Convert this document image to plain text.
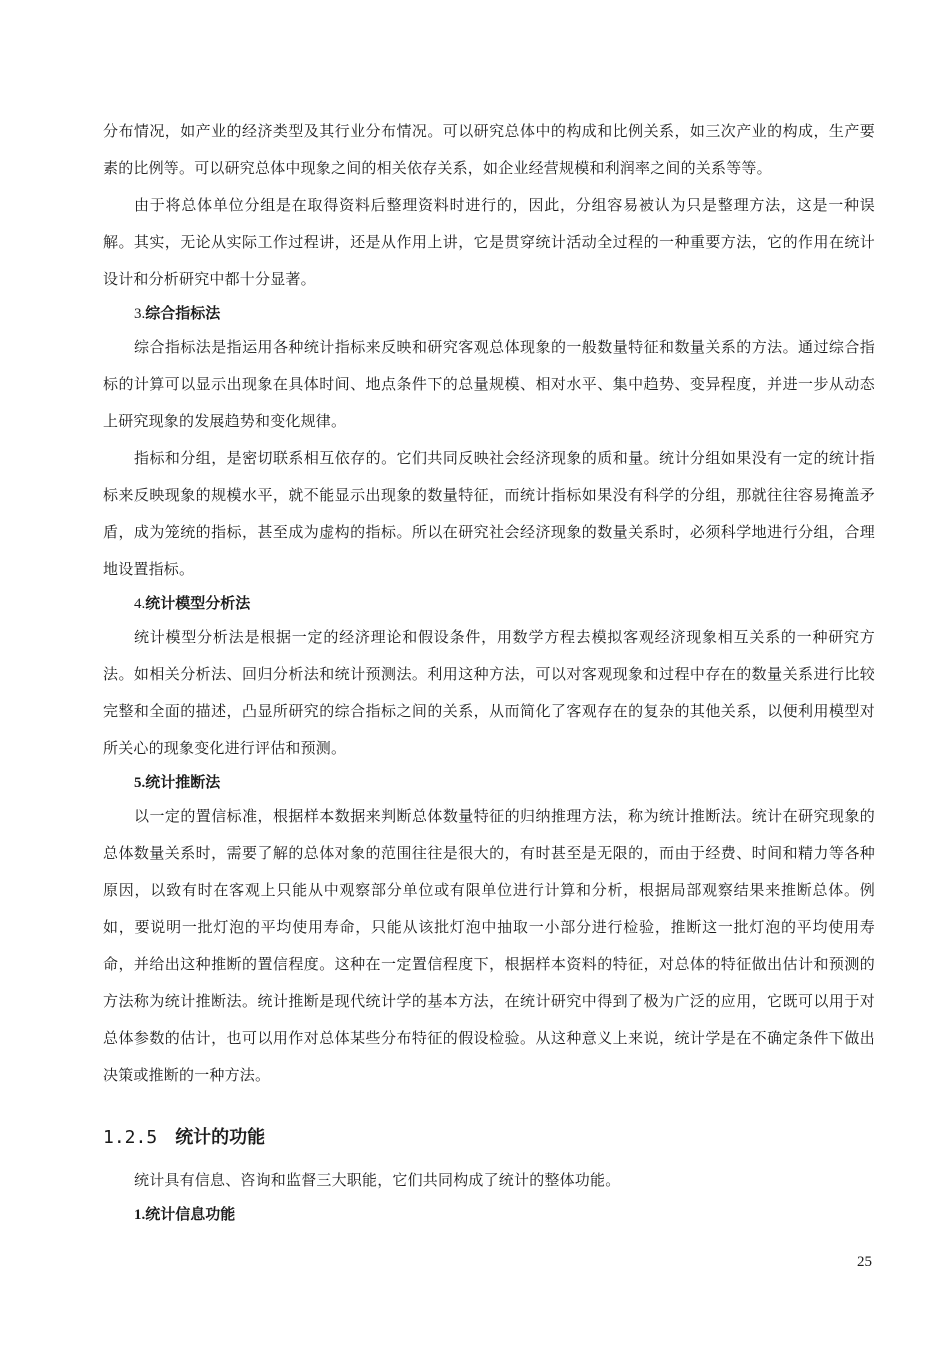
分布情况，如产业的经济类型及其行业分布情况。可以研究总体中的构成和比例关系，如三次产业的构成，生产要素的比例等。可以研究总体中现象之间的相关依存关系，如企业经营规模和利润率之间的关系等等。

由于将总体单位分组是在取得资料后整理资料时进行的，因此，分组容易被认为只是整理方法，这是一种误解。其实，无论从实际工作过程讲，还是从作用上讲，它是贯穿统计活动全过程的一种重要方法，它的作用在统计设计和分析研究中都十分显著。

3.综合指标法

综合指标法是指运用各种统计指标来反映和研究客观总体现象的一般数量特征和数量关系的方法。通过综合指标的计算可以显示出现象在具体时间、地点条件下的总量规模、相对水平、集中趋势、变异程度，并进一步从动态上研究现象的发展趋势和变化规律。

指标和分组，是密切联系相互依存的。它们共同反映社会经济现象的质和量。统计分组如果没有一定的统计指标来反映现象的规模水平，就不能显示出现象的数量特征，而统计指标如果没有科学的分组，那就往往容易掩盖矛盾，成为笼统的指标，甚至成为虚构的指标。所以在研究社会经济现象的数量关系时，必须科学地进行分组，合理地设置指标。

4.统计模型分析法

统计模型分析法是根据一定的经济理论和假设条件，用数学方程去模拟客观经济现象相互关系的一种研究方法。如相关分析法、回归分析法和统计预测法。利用这种方法，可以对客观现象和过程中存在的数量关系进行比较完整和全面的描述，凸显所研究的综合指标之间的关系，从而简化了客观存在的复杂的其他关系，以便利用模型对所关心的现象变化进行评估和预测。

5.统计推断法

以一定的置信标准，根据样本数据来判断总体数量特征的归纳推理方法，称为统计推断法。统计在研究现象的总体数量关系时，需要了解的总体对象的范围往往是很大的，有时甚至是无限的，而由于经费、时间和精力等各种原因，以致有时在客观上只能从中观察部分单位或有限单位进行计算和分析，根据局部观察结果来推断总体。例如，要说明一批灯泡的平均使用寿命，只能从该批灯泡中抽取一小部分进行检验，推断这一批灯泡的平均使用寿命，并给出这种推断的置信程度。这种在一定置信程度下，根据样本资料的特征，对总体的特征做出估计和预测的方法称为统计推断法。统计推断是现代统计学的基本方法，在统计研究中得到了极为广泛的应用，它既可以用于对总体参数的估计，也可以用作对总体某些分布特征的假设检验。从这种意义上来说，统计学是在不确定条件下做出决策或推断的一种方法。

1.2.5 统计的功能

统计具有信息、咨询和监督三大职能，它们共同构成了统计的整体功能。

1.统计信息功能

25
